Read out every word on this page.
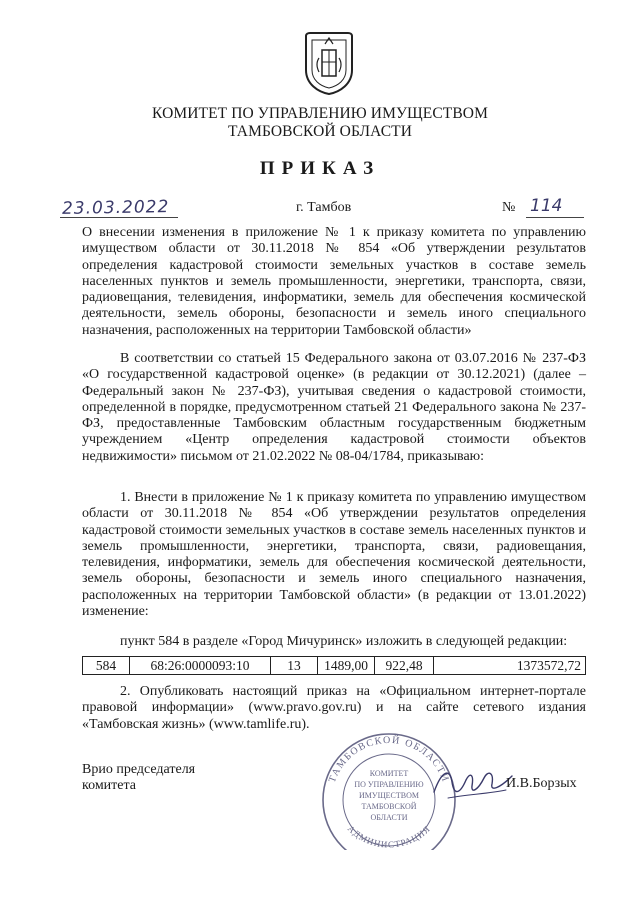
КОМИТЕТ ПО УПРАВЛЕНИЮ ИМУЩЕСТВОМ
ТАМБОВСКОЙ ОБЛАСТИ
ПРИКАЗ
23.03.2022	г. Тамбов	№ 114

О внесении изменения в приложение № 1 к приказу комитета по управлению имуществом области от 30.11.2018 № 854 «Об утверждении результатов определения кадастровой стоимости земельных участков в составе земель населенных пунктов и земель промышленности, энергетики, транспорта, связи, радиовещания, телевидения, информатики, земель для обеспечения космической деятельности, земель обороны, безопасности и земель иного специального назначения, расположенных на территории Тамбовской области»

В соответствии со статьей 15 Федерального закона от 03.07.2016 № 237-ФЗ «О государственной кадастровой оценке» (в редакции от 30.12.2021) (далее – Федеральный закон № 237-ФЗ), учитывая сведения о кадастровой стоимости, определенной в порядке, предусмотренном статьей 21 Федерального закона № 237-ФЗ, предоставленные Тамбовским областным государственным бюджетным учреждением «Центр определения кадастровой стоимости объектов недвижимости» письмом от 21.02.2022 № 08-04/1784, приказываю:

1. Внести в приложение № 1 к приказу комитета по управлению имуществом области от 30.11.2018 № 854 «Об утверждении результатов определения кадастровой стоимости земельных участков в составе земель населенных пунктов и земель промышленности, энергетики, транспорта, связи, радиовещания, телевидения, информатики, земель для обеспечения космической деятельности, земель обороны, безопасности и земель иного специального назначения, расположенных на территории Тамбовской области» (в редакции от 13.01.2022) изменение:

пункт 584 в разделе «Город Мичуринск» изложить в следующей редакции:

584	68:26:0000093:10	13	1489,00	922,48	1373572,72

2. Опубликовать настоящий приказ на «Официальном интернет-портале правовой информации» (www.pravo.gov.ru) и на сайте сетевого издания «Тамбовская жизнь» (www.tamlife.ru).

Врио председателя
комитета	ТАМБОВСКОЙ ОБЛАСТИ
АДМИНИСТРАЦИЯ
КОМИТЕТ
ПО УПРАВЛЕНИЮ
ИМУЩЕСТВОМ
ТАМБОВСКОЙ
ОБЛАСТИ
И.В.Борзых
